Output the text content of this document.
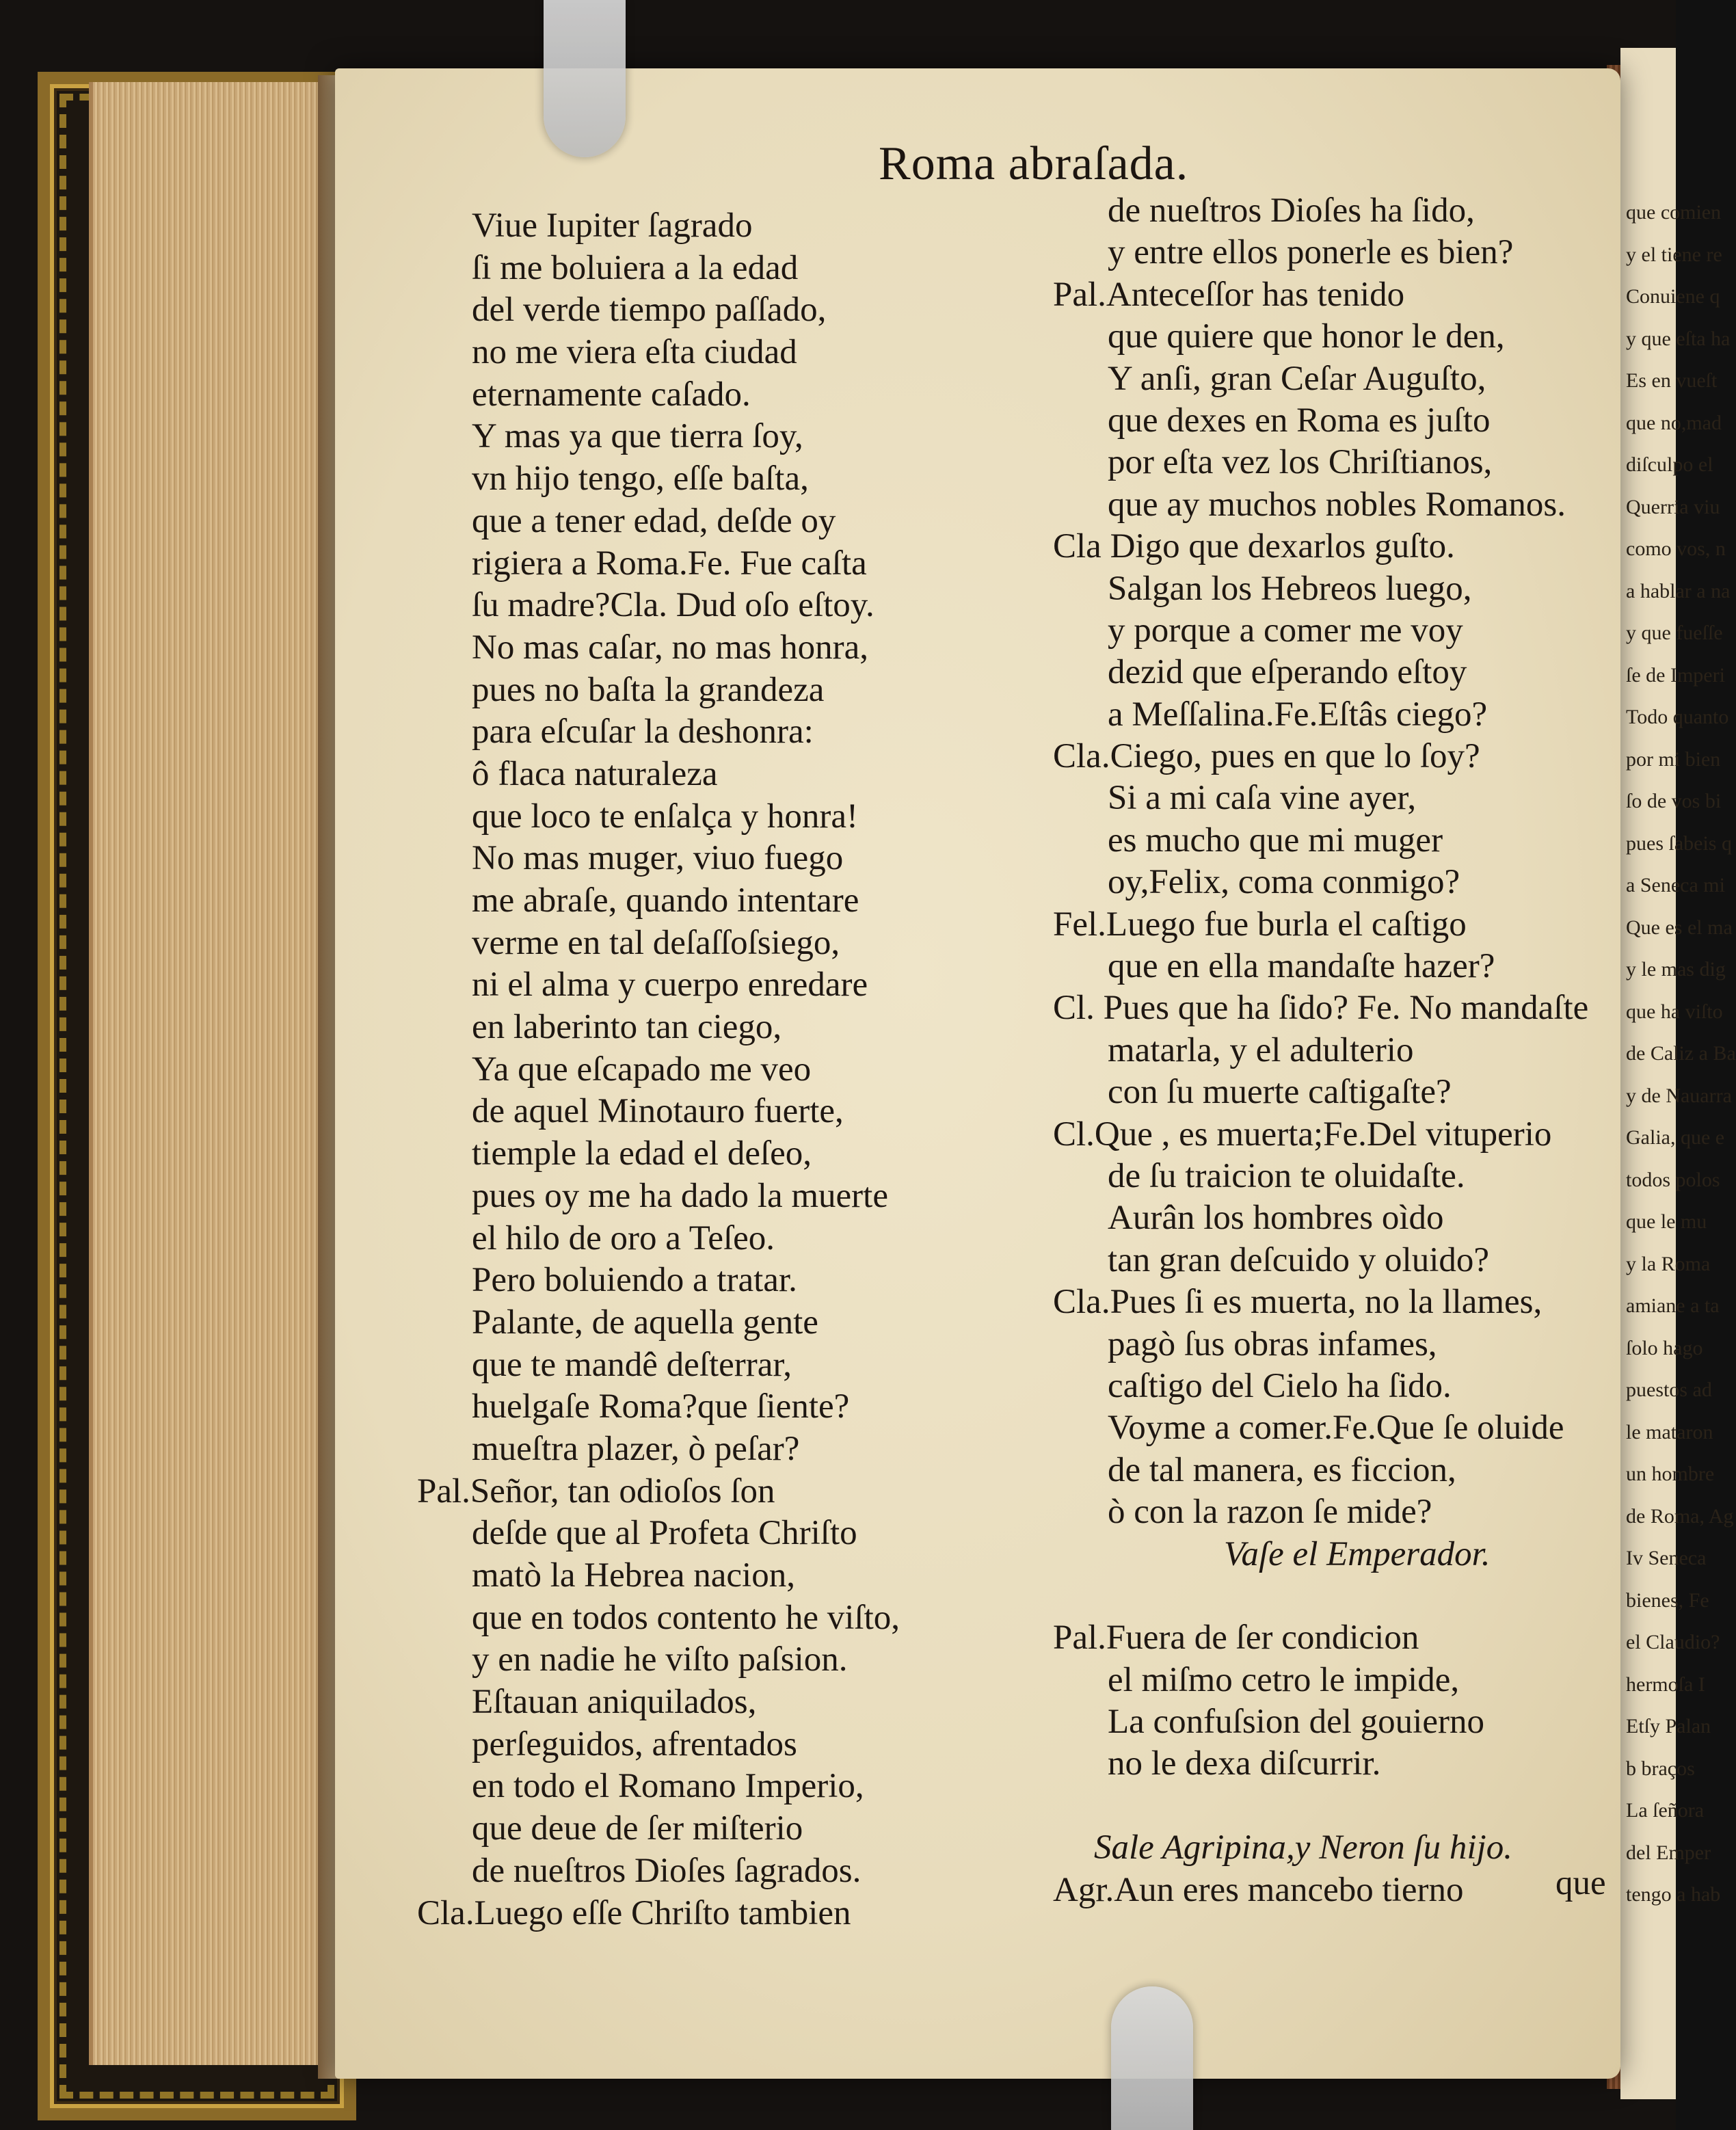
que comien
y el tiene re
Conuiene q
y que eſta ha
Es en vueſt
que no,mad
diſculpo el
Querria viu
como vos, n
a hablar a na
y que fueſſe
ſe de Imperi
Todo quanto
por mi bien
ſo de vos bi
pues ſabeis q
a Seneca mi
Que es el ma
y le mas dig
que ha viſto
de Caliz a Ba
y de Nauarra
Galia, que e
todos polos
que le mu
y la Roma
amiane a ta
ſolo hago
puestos ad
le mataron
un hombre
de Roma, Ag
Iv Seneca
bienes, Fe
el Claudio?
hermoſa I
Etſy Palan
b braços
La ſeñora
del Emper
tengo a hab
Roma abraſada.
Viue Iupiter ſagrado
ſi me boluiera a la edad
del verde tiempo paſſado,
no me viera eſta ciudad
eternamente caſado.
Y mas ya que tierra ſoy,
vn hijo tengo, eſſe baſta,
que a tener edad, deſde oy
rigiera a Roma.Fe. Fue caſta
ſu madre?Cla. Dud oſo eſtoy.
No mas caſar, no mas honra,
pues no baſta la grandeza
para eſcuſar la deshonra:
ô flaca naturaleza
que loco te enſalça y honra!
No mas muger, viuo fuego
me abraſe, quando intentare
verme en tal deſaſſoſsiego,
ni el alma y cuerpo enredare
en laberinto tan ciego,
Ya que eſcapado me veo
de aquel Minotauro fuerte,
tiemple la edad el deſeo,
pues oy me ha dado la muerte
el hilo de oro a Teſeo.
Pero boluiendo a tratar.
Palante, de aquella gente
que te mandê deſterrar,
huelgaſe Roma?que ſiente?
mueſtra plazer, ò peſar?
Pal.Señor, tan odioſos ſon
deſde que al Profeta Chriſto
matò la Hebrea nacion,
que en todos contento he viſto,
y en nadie he viſto paſsion.
Eſtauan aniquilados,
perſeguidos, afrentados
en todo el Romano Imperio,
que deue de ſer miſterio
de nueſtros Dioſes ſagrados.
Cla.Luego eſſe Chriſto tambien
de nueſtros Dioſes ha ſido,
y entre ellos ponerle es bien?
Pal.Anteceſſor has tenido
que quiere que honor le den,
Y anſi, gran Ceſar Auguſto,
que dexes en Roma es juſto
por eſta vez los Chriſtianos,
que ay muchos nobles Romanos.
Cla Digo que dexarlos guſto.
Salgan los Hebreos luego,
y porque a comer me voy
dezid que eſperando eſtoy
a Meſſalina.Fe.Eſtâs ciego?
Cla.Ciego, pues en que lo ſoy?
Si a mi caſa vine ayer,
es mucho que mi muger
oy,Felix, coma conmigo?
Fel.Luego fue burla el caſtigo
que en ella mandaſte hazer?
Cl. Pues que ha ſido? Fe. No mandaſte
matarla, y el adulterio
con ſu muerte caſtigaſte?
Cl.Que , es muerta;Fe.Del vituperio
de ſu traicion te oluidaſte.
Aurân los hombres oìdo
tan gran deſcuido y oluido?
Cla.Pues ſi es muerta, no la llames,
pagò ſus obras infames,
caſtigo del Cielo ha ſido.
Voyme a comer.Fe.Que ſe oluide
de tal manera, es ficcion,
ò con la razon ſe mide?
Vaſe el Emperador.
Pal.Fuera de ſer condicion
el miſmo cetro le impide,
La confuſsion del gouierno
no le dexa diſcurrir.
Sale Agripina,y Neron ſu hijo.
Agr.Aun eres mancebo tierno	que
